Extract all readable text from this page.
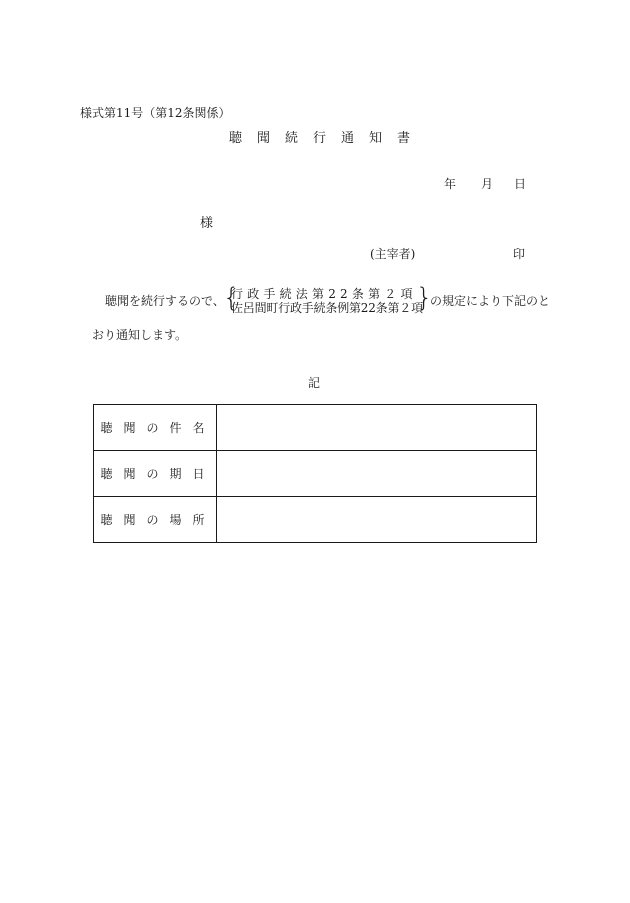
様式第11号（第12条関係）
聴聞続行通知書
年 月 日
様
(主宰者)	印
聴聞を続行するので、
{
行政手続法第22条第２項
佐呂間町行政手続条例第22条第２項
}
の規定により下記のと
おり通知します。
記
聴聞の件名	
聴聞の期日	
聴聞の場所	
